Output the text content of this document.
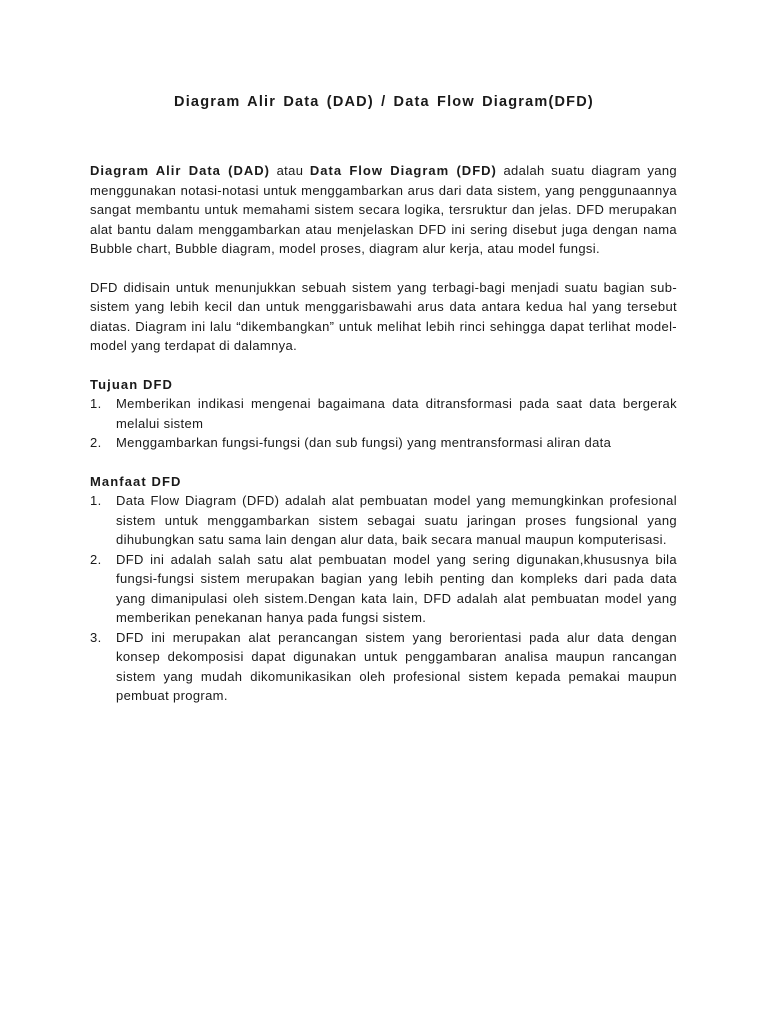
Diagram Alir Data (DAD) / Data Flow Diagram(DFD)

Diagram Alir Data (DAD) atau Data Flow Diagram (DFD) adalah suatu diagram yang menggunakan notasi-notasi untuk menggambarkan arus dari data sistem, yang penggunaannya sangat membantu untuk memahami sistem secara logika, tersruktur dan jelas. DFD merupakan alat bantu dalam menggambarkan atau menjelaskan DFD ini sering disebut juga dengan nama Bubble chart, Bubble diagram, model proses, diagram alur kerja, atau model fungsi.

DFD didisain untuk menunjukkan sebuah sistem yang terbagi-bagi menjadi suatu bagian sub-sistem yang lebih kecil dan untuk menggarisbawahi arus data antara kedua hal yang tersebut diatas. Diagram ini lalu “dikembangkan” untuk melihat lebih rinci sehingga dapat terlihat model-model yang terdapat di dalamnya.

Tujuan DFD
1. Memberikan indikasi mengenai bagaimana data ditransformasi pada saat data bergerak melalui sistem
2. Menggambarkan fungsi-fungsi (dan sub fungsi) yang mentransformasi aliran data
Manfaat DFD
1. Data Flow Diagram (DFD) adalah alat pembuatan model yang memungkinkan profesional sistem untuk menggambarkan sistem sebagai suatu jaringan proses fungsional yang dihubungkan satu sama lain dengan alur data, baik secara manual maupun komputerisasi.
2. DFD ini adalah salah satu alat pembuatan model yang sering digunakan,khususnya bila fungsi-fungsi sistem merupakan bagian yang lebih penting dan kompleks dari pada data yang dimanipulasi oleh sistem.Dengan kata lain, DFD adalah alat pembuatan model yang memberikan penekanan hanya pada fungsi sistem.
3. DFD ini merupakan alat perancangan sistem yang berorientasi pada alur data dengan konsep dekomposisi dapat digunakan untuk penggambaran analisa maupun rancangan sistem yang mudah dikomunikasikan oleh profesional sistem kepada pemakai maupun pembuat program.
